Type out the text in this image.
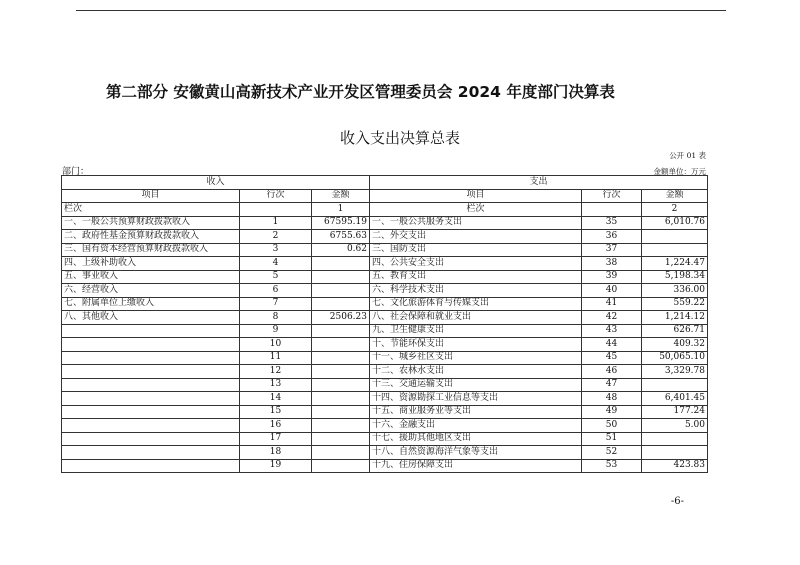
第二部分 安徽黄山高新技术产业开发区管理委员会 2024 年度部门决算表
收入支出决算总表
公开 01 表
部门：	金额单位：万元
收入			支出		
项目	行次	金额	项目	行次	金额
栏次		1	栏次		2
一、一般公共预算财政拨款收入	1	67595.19	一、一般公共服务支出	35	6,010.76
二、政府性基金预算财政拨款收入	2	6755.63	二、外交支出	36	
三、国有资本经营预算财政拨款收入	3	0.62	三、国防支出	37	
四、上级补助收入	4		四、公共安全支出	38	1,224.47
五、事业收入	5		五、教育支出	39	5,198.34
六、经营收入	6		六、科学技术支出	40	336.00
七、附属单位上缴收入	7		七、文化旅游体育与传媒支出	41	559.22
八、其他收入	8	2506.23	八、社会保障和就业支出	42	1,214.12
	9		九、卫生健康支出	43	626.71
	10		十、节能环保支出	44	409.32
	11		十一、城乡社区支出	45	50,065.10
	12		十二、农林水支出	46	3,329.78
	13		十三、交通运输支出	47	
	14		十四、资源勘探工业信息等支出	48	6,401.45
	15		十五、商业服务业等支出	49	177.24
	16		十六、金融支出	50	5.00
	17		十七、援助其他地区支出	51	
	18		十八、自然资源海洋气象等支出	52	
	19		十九、住房保障支出	53	423.83
-6-
